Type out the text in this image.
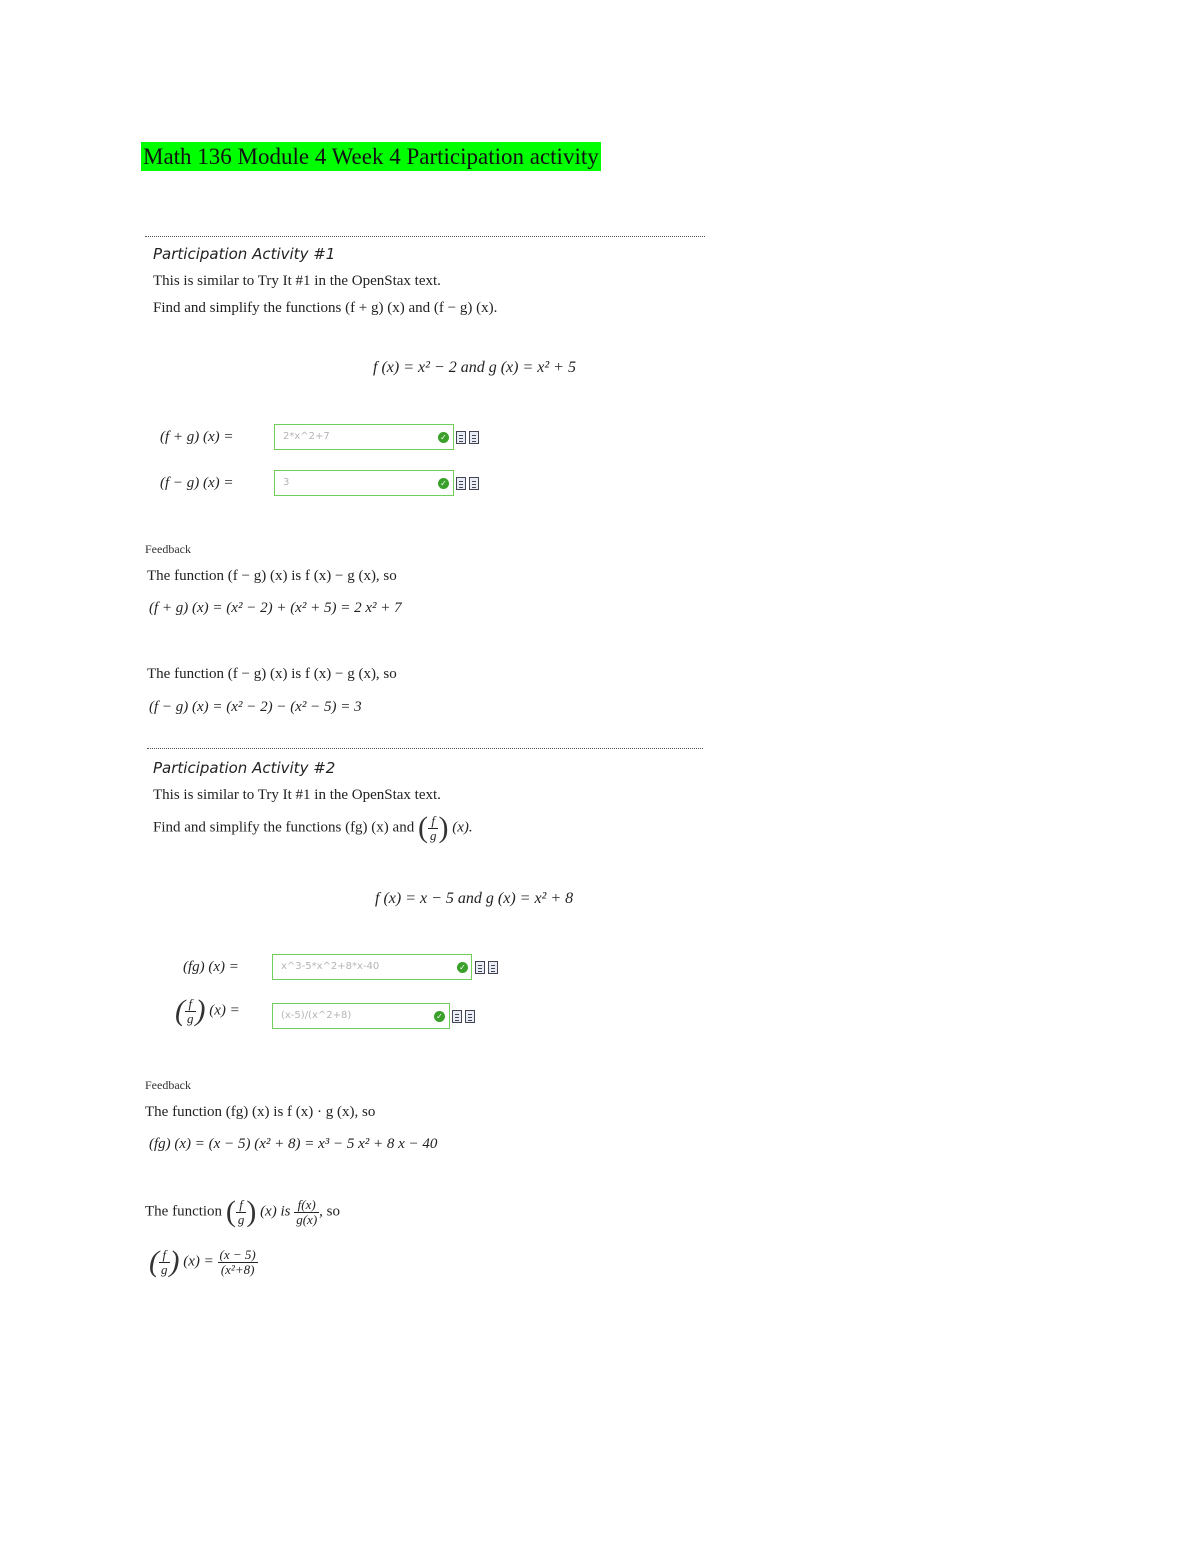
Math 136 Module 4 Week 4 Participation activity
Participation Activity #1
This is similar to Try It #1 in the OpenStax text.
Find and simplify the functions (f + g) (x) and (f − g) (x).
f (x) = x² − 2 and g (x) = x² + 5
(f + g) (x) =	2*x^2+7	✓
(f − g) (x) =	3	✓
Feedback
The function (f − g) (x) is f (x) − g (x), so
(f + g) (x) = (x² − 2) + (x² + 5) = 2 x² + 7
The function (f − g) (x) is f (x) − g (x), so
(f − g) (x) = (x² − 2) − (x² − 5) = 3
Participation Activity #2
This is similar to Try It #1 in the OpenStax text.
Find and simplify the functions (fg) (x) and ( $\frac{f}{g}$ ) (x).
f (x) = x − 5 and g (x) = x² + 8
(fg) (x) =	x^3-5*x^2+8*x-40	✓
( $\frac{f}{g}$ ) (x) =	(x-5)/(x^2+8)	✓
Feedback
The function (fg) (x) is f (x) · g (x), so
(fg) (x) = (x − 5) (x² + 8) = x³ − 5 x² + 8 x − 40
The function ( $\frac{f}{g}$ ) (x) is $\frac{f(x)}{g(x)}$ , so
( $\frac{f}{g}$ ) $(x) = \frac{(x - 5)}{\text{(x²+8)}}$
